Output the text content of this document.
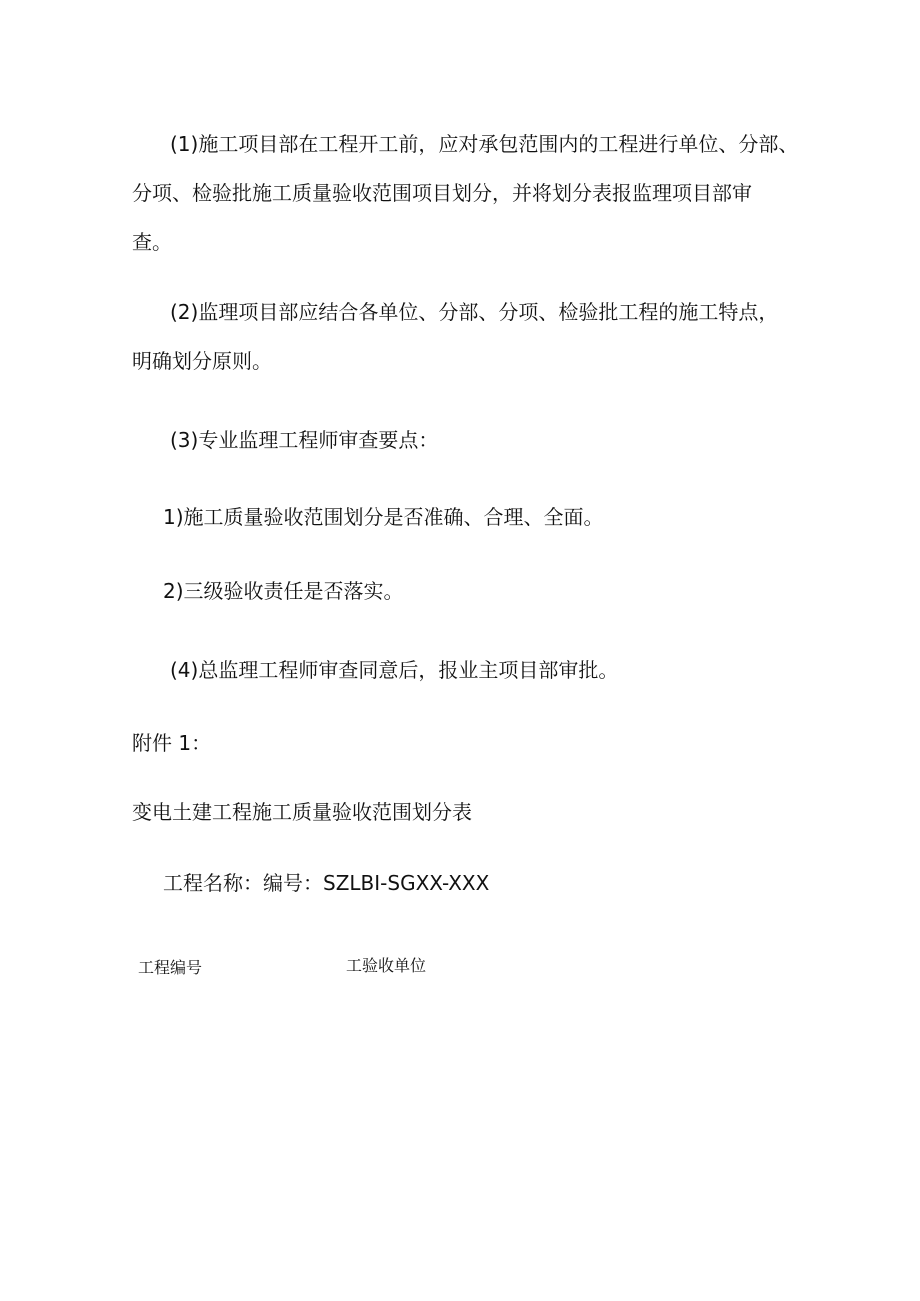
(1)施工项目部在工程开工前，应对承包范围内的工程进行单位、分部、

分项、检验批施工质量验收范围项目划分，并将划分表报监理项目部审

查。

(2)监理项目部应结合各单位、分部、分项、检验批工程的施工特点，

明确划分原则。

(3)专业监理工程师审查要点：

1)施工质量验收范围划分是否准确、合理、全面。

2)三级验收责任是否落实。

(4)总监理工程师审查同意后，报业主项目部审批。

附件 1：

变电土建工程施工质量验收范围划分表

工程名称：编号：SZLBI-SGXX-XXX

工程编号	工验收单位
